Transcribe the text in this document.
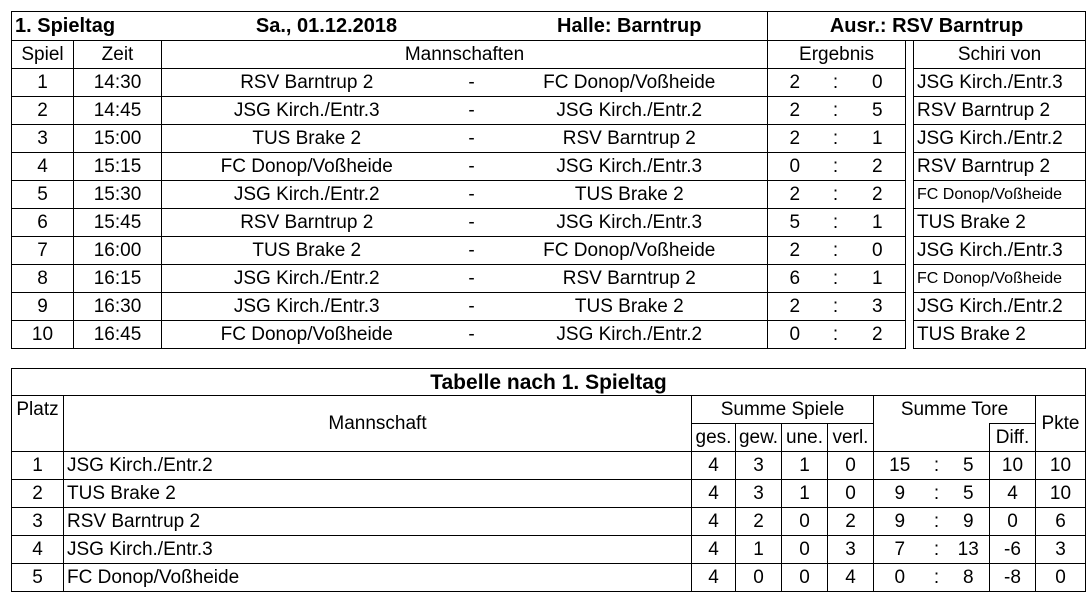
1. Spieltag		Sa., 01.12.2018		Halle: Barntrup	Ausr.: RSV Barntrup				
Spiel	Zeit	Mannschaften			Ergebnis				Schiri von
1	14:30	RSV Barntrup 2	-	FC Donop/Voßheide	2	:	0		JSG Kirch./Entr.3
2	14:45	JSG Kirch./Entr.3	-	JSG Kirch./Entr.2	2	:	5		RSV Barntrup 2
3	15:00	TUS Brake 2	-	RSV Barntrup 2	2	:	1		JSG Kirch./Entr.2
4	15:15	FC Donop/Voßheide	-	JSG Kirch./Entr.3	0	:	2		RSV Barntrup 2
5	15:30	JSG Kirch./Entr.2	-	TUS Brake 2	2	:	2		FC Donop/Voßheide
6	15:45	RSV Barntrup 2	-	JSG Kirch./Entr.3	5	:	1		TUS Brake 2
7	16:00	TUS Brake 2	-	FC Donop/Voßheide	2	:	0		JSG Kirch./Entr.3
8	16:15	JSG Kirch./Entr.2	-	RSV Barntrup 2	6	:	1		FC Donop/Voßheide
9	16:30	JSG Kirch./Entr.3	-	TUS Brake 2	2	:	3		JSG Kirch./Entr.2
10	16:45	FC Donop/Voßheide	-	JSG Kirch./Entr.2	0	:	2		TUS Brake 2
Tabelle nach 1. Spieltag										
Platz	Mannschaft	Summe Spiele				Summe Tore				Pkte
		ges.	gew.	une.	verl.				Diff.	
1	JSG Kirch./Entr.2	4	3	1	0	15	:	5	10	10
2	TUS Brake 2	4	3	1	0	9	:	5	4	10
3	RSV Barntrup 2	4	2	0	2	9	:	9	0	6
4	JSG Kirch./Entr.3	4	1	0	3	7	:	13	-6	3
5	FC Donop/Voßheide	4	0	0	4	0	:	8	-8	0
